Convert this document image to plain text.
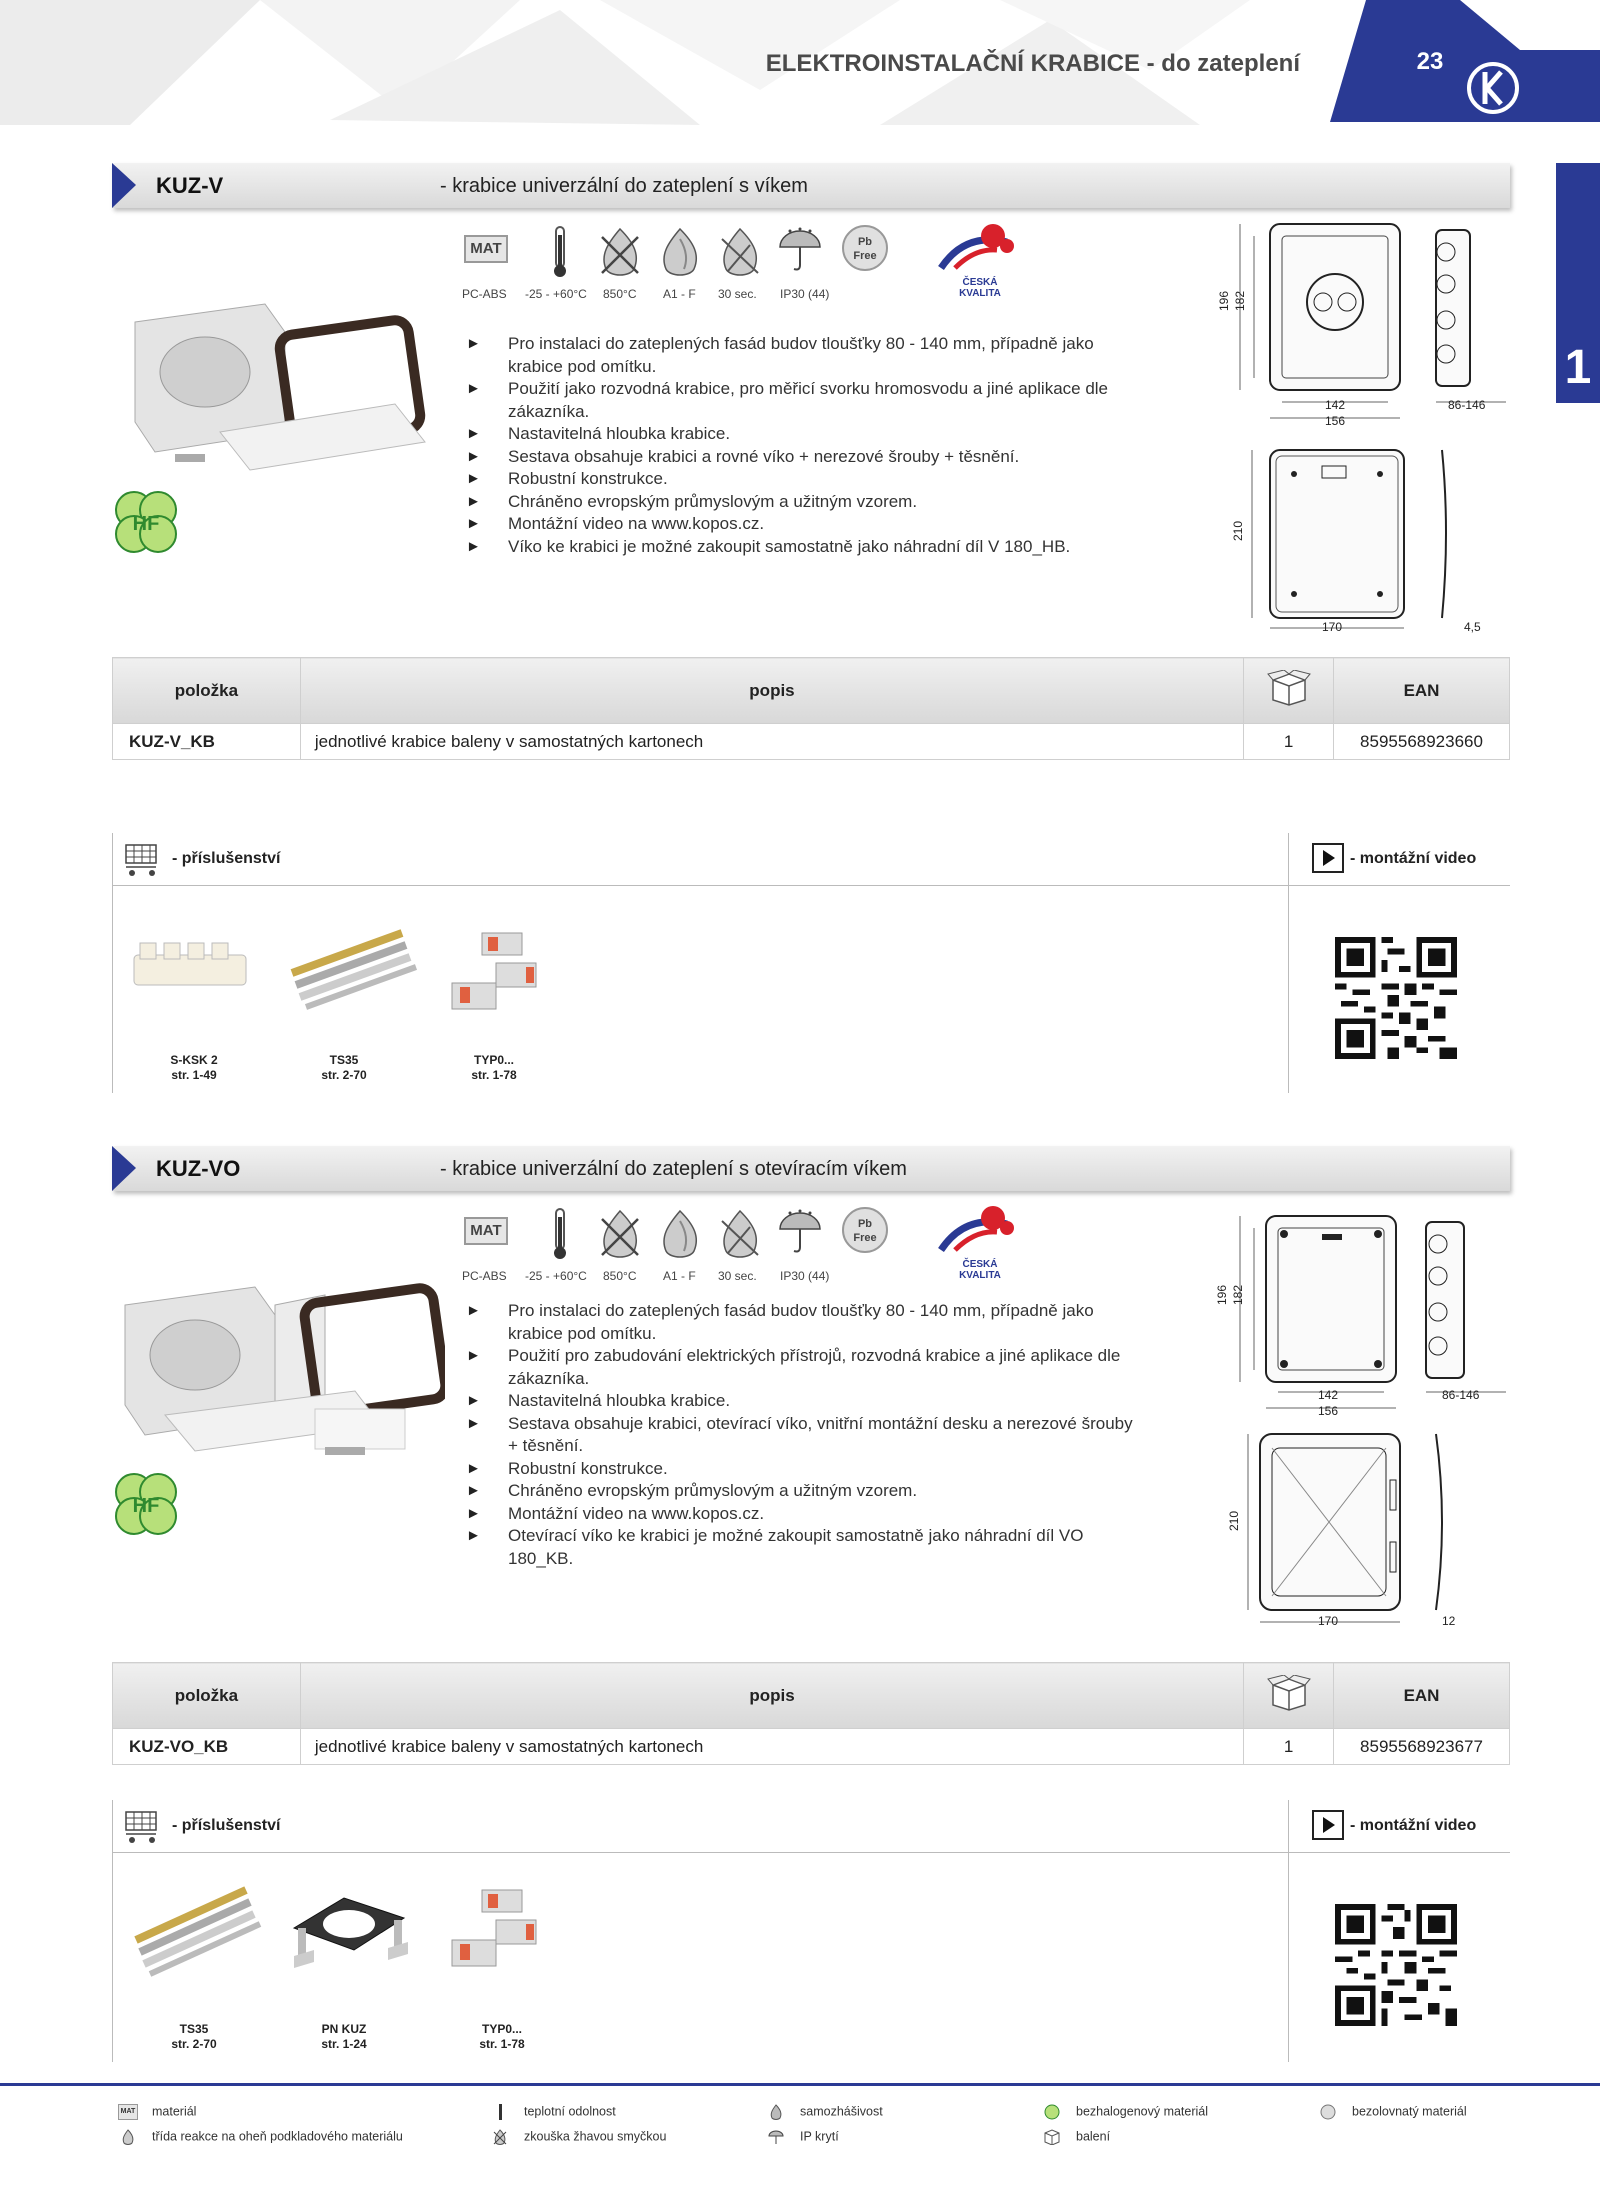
ELEKTROINSTALAČNÍ KRABICE - do zateplení	23
1
KUZ-V	- krabice univerzální do zateplení s víkem
MAT	Pb
Free
PC-ABS -25 - +60°C 850°C A1 - F 30 sec. IP30 (44)
ČESKÁ
KVALITA
HF
► Pro instalaci do zateplených fasád budov tloušťky 80 - 140 mm, případně jako krabice pod omítku.
► Použití jako rozvodná krabice, pro měřicí svorku hromosvodu a jiné aplikace dle zákazníka.
► Nastavitelná hloubka krabice.
► Sestava obsahuje krabici a rovné víko + nerezové šrouby + těsnění.
► Robustní konstrukce.
► Chráněno evropským průmyslovým a užitným vzorem.
► Montážní video na www.kopos.cz.
► Víko ke krabici je možné zakoupit samostatně jako náhradní díl V 180_HB.
196 182
142
156
86-146
210
170	4,5
položka	popis		EAN
KUZ-V_KB	jednotlivé krabice baleny v samostatných kartonech	1	8595568923660
- příslušenství	- montážní video
S-KSK 2
str. 1-49
TS35
str. 2-70
TYP0...
str. 1-78
KUZ-VO	- krabice univerzální do zateplení s otevíracím víkem
MAT	Pb
Free
PC-ABS -25 - +60°C 850°C A1 - F 30 sec. IP30 (44)
ČESKÁ
KVALITA
HF
► Pro instalaci do zateplených fasád budov tloušťky 80 - 140 mm, případně jako krabice pod omítku.
► Použití pro zabudování elektrických přístrojů, rozvodná krabice a jiné aplikace dle zákazníka.
► Nastavitelná hloubka krabice.
► Sestava obsahuje krabici, otevírací víko, vnitřní montážní desku a nerezové šrouby + těsnění.
► Robustní konstrukce.
► Chráněno evropským průmyslovým a užitným vzorem.
► Montážní video na www.kopos.cz.
► Otevírací víko ke krabici je možné zakoupit samostatně jako náhradní díl VO 180_KB.
196 182
142
156
86-146
210
170	12
položka	popis		EAN
KUZ-VO_KB	jednotlivé krabice baleny v samostatných kartonech	1	8595568923677
- příslušenství	- montážní video
TS35
str. 2-70
PN KUZ
str. 1-24
TYP0...
str. 1-78
MAT materiál	teplotní odolnost	samozhášivost	bezhalogenový materiál	bezolovnatý materiál
třída reakce na oheň podkladového materiálu	zkouška žhavou smyčkou	IP krytí	balení
